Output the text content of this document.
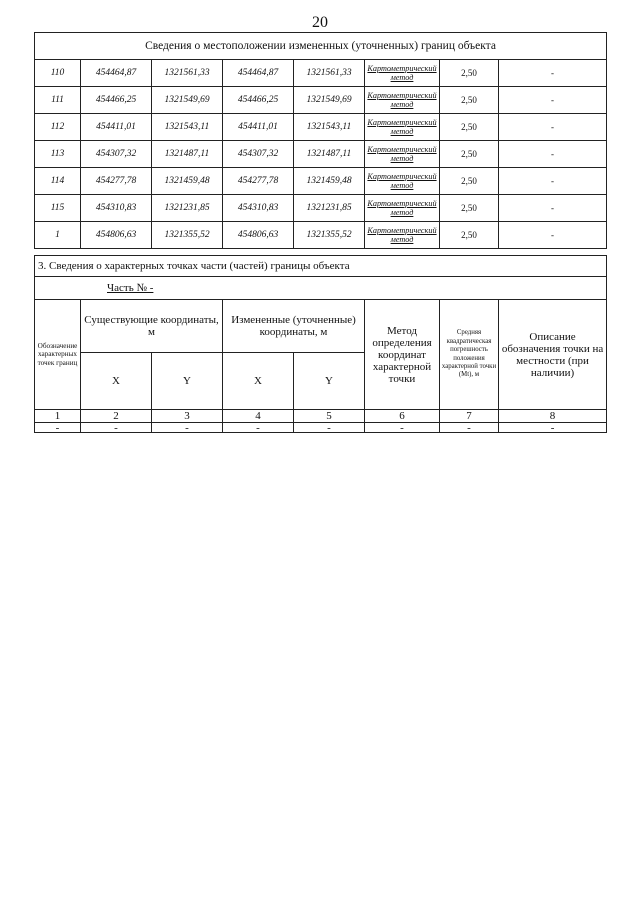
20
Сведения о местоположении измененных (уточненных) границ объекта							
110	454464,87	1321561,33	454464,87	1321561,33	Картометрический метод	2,50	-
111	454466,25	1321549,69	454466,25	1321549,69	Картометрический метод	2,50	-
112	454411,01	1321543,11	454411,01	1321543,11	Картометрический метод	2,50	-
113	454307,32	1321487,11	454307,32	1321487,11	Картометрический метод	2,50	-
114	454277,78	1321459,48	454277,78	1321459,48	Картометрический метод	2,50	-
115	454310,83	1321231,85	454310,83	1321231,85	Картометрический метод	2,50	-
1	454806,63	1321355,52	454806,63	1321355,52	Картометрический метод	2,50	-
3. Сведения о характерных точках части (частей) границы объекта							
Часть № -							
Обозначение характерных точек границ	Существующие координаты, м		Измененные (уточненные) координаты, м		Метод определения координат характерной точки	Средняя квадратическая погрешность положения характерной точки (Mt), м	Описание обозначения точки на местности (при наличии)
	X	Y	X	Y			
1	2	3	4	5	6	7	8
-	-	-	-	-	-	-	-
